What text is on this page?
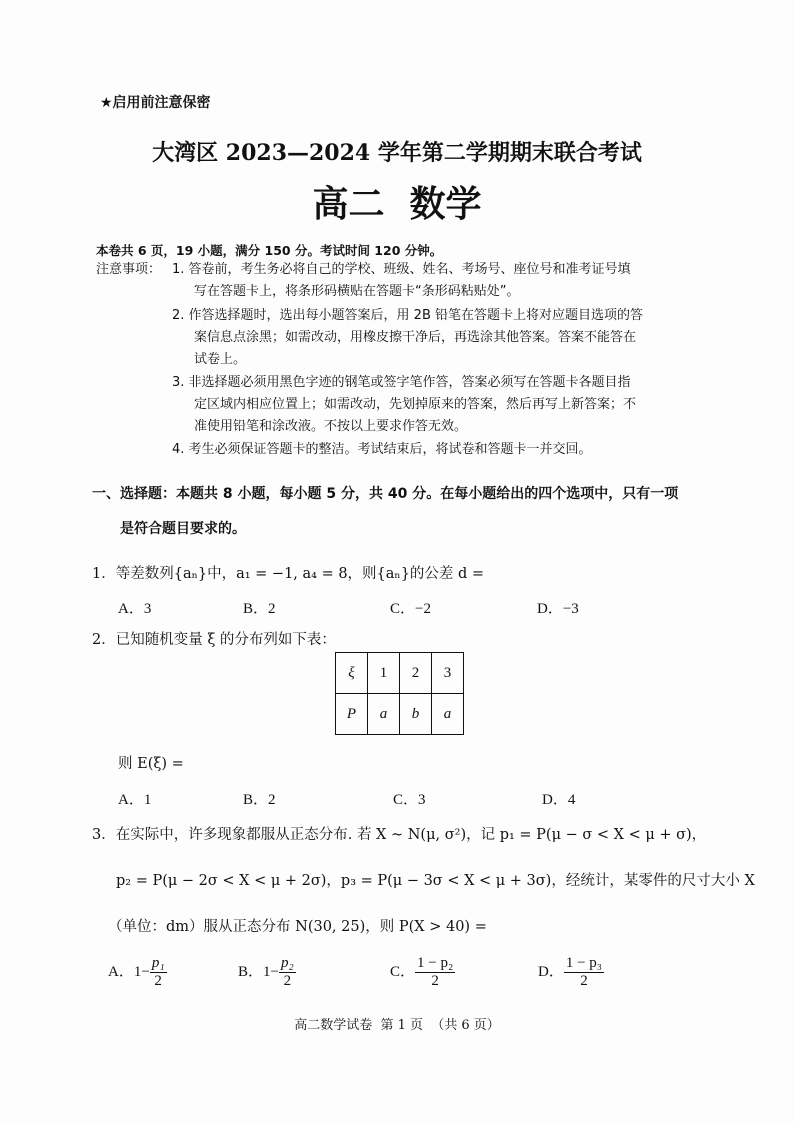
★启用前注意保密
大湾区 2023—2024 学年第二学期期末联合考试
高二  数学
本卷共 6 页，19 小题，满分 150 分。考试时间 120 分钟。
注意事项： 1. 答卷前，考生务必将自己的学校、班级、姓名、考场号、座位号和准考证号填
写在答题卡上，将条形码横贴在答题卡“条形码粘贴处”。
2. 作答选择题时，选出每小题答案后，用 2B 铅笔在答题卡上将对应题目选项的答
案信息点涂黑；如需改动，用橡皮擦干净后，再选涂其他答案。答案不能答在
试卷上。
3. 非选择题必须用黑色字迹的钢笔或签字笔作答，答案必须写在答题卡各题目指
定区域内相应位置上；如需改动，先划掉原来的答案，然后再写上新答案；不
准使用铅笔和涂改液。不按以上要求作答无效。
4. 考生必须保证答题卡的整洁。考试结束后，将试卷和答题卡一并交回。
一、选择题：本题共 8 小题，每小题 5 分，共 40 分。在每小题给出的四个选项中，只有一项
是符合题目要求的。
1．等差数列{aₙ}中，a₁ = −1, a₄ = 8，则{aₙ}的公差 d =
A．3	B．2	C．−2	D．−3
2．已知随机变量 ξ 的分布列如下表：
ξ	1	2	3
P	a	b	a
则 E(ξ) =
A．1	B．2	C．3	D．4
3．在实际中，许多现象都服从正态分布. 若 X ~ N(μ, σ²)，记 p₁ = P(μ − σ < X < μ + σ)，
p₂ = P(μ − 2σ < X < μ + 2σ)，p₃ = P(μ − 3σ < X < μ + 3σ)，经统计，某零件的尺寸大小 X
（单位：dm）服从正态分布 N(30, 25)，则 P(X > 40) =
A．$1- \frac{\text{p₁}}{2}$	B．$1- \frac{\text{p₂}}{2}$	C． $\frac{\text{1 − p₂}}{2}$	D． $\frac{\text{1 − p₃}}{2}$
高二数学试卷  第 1 页  （共 6 页）
